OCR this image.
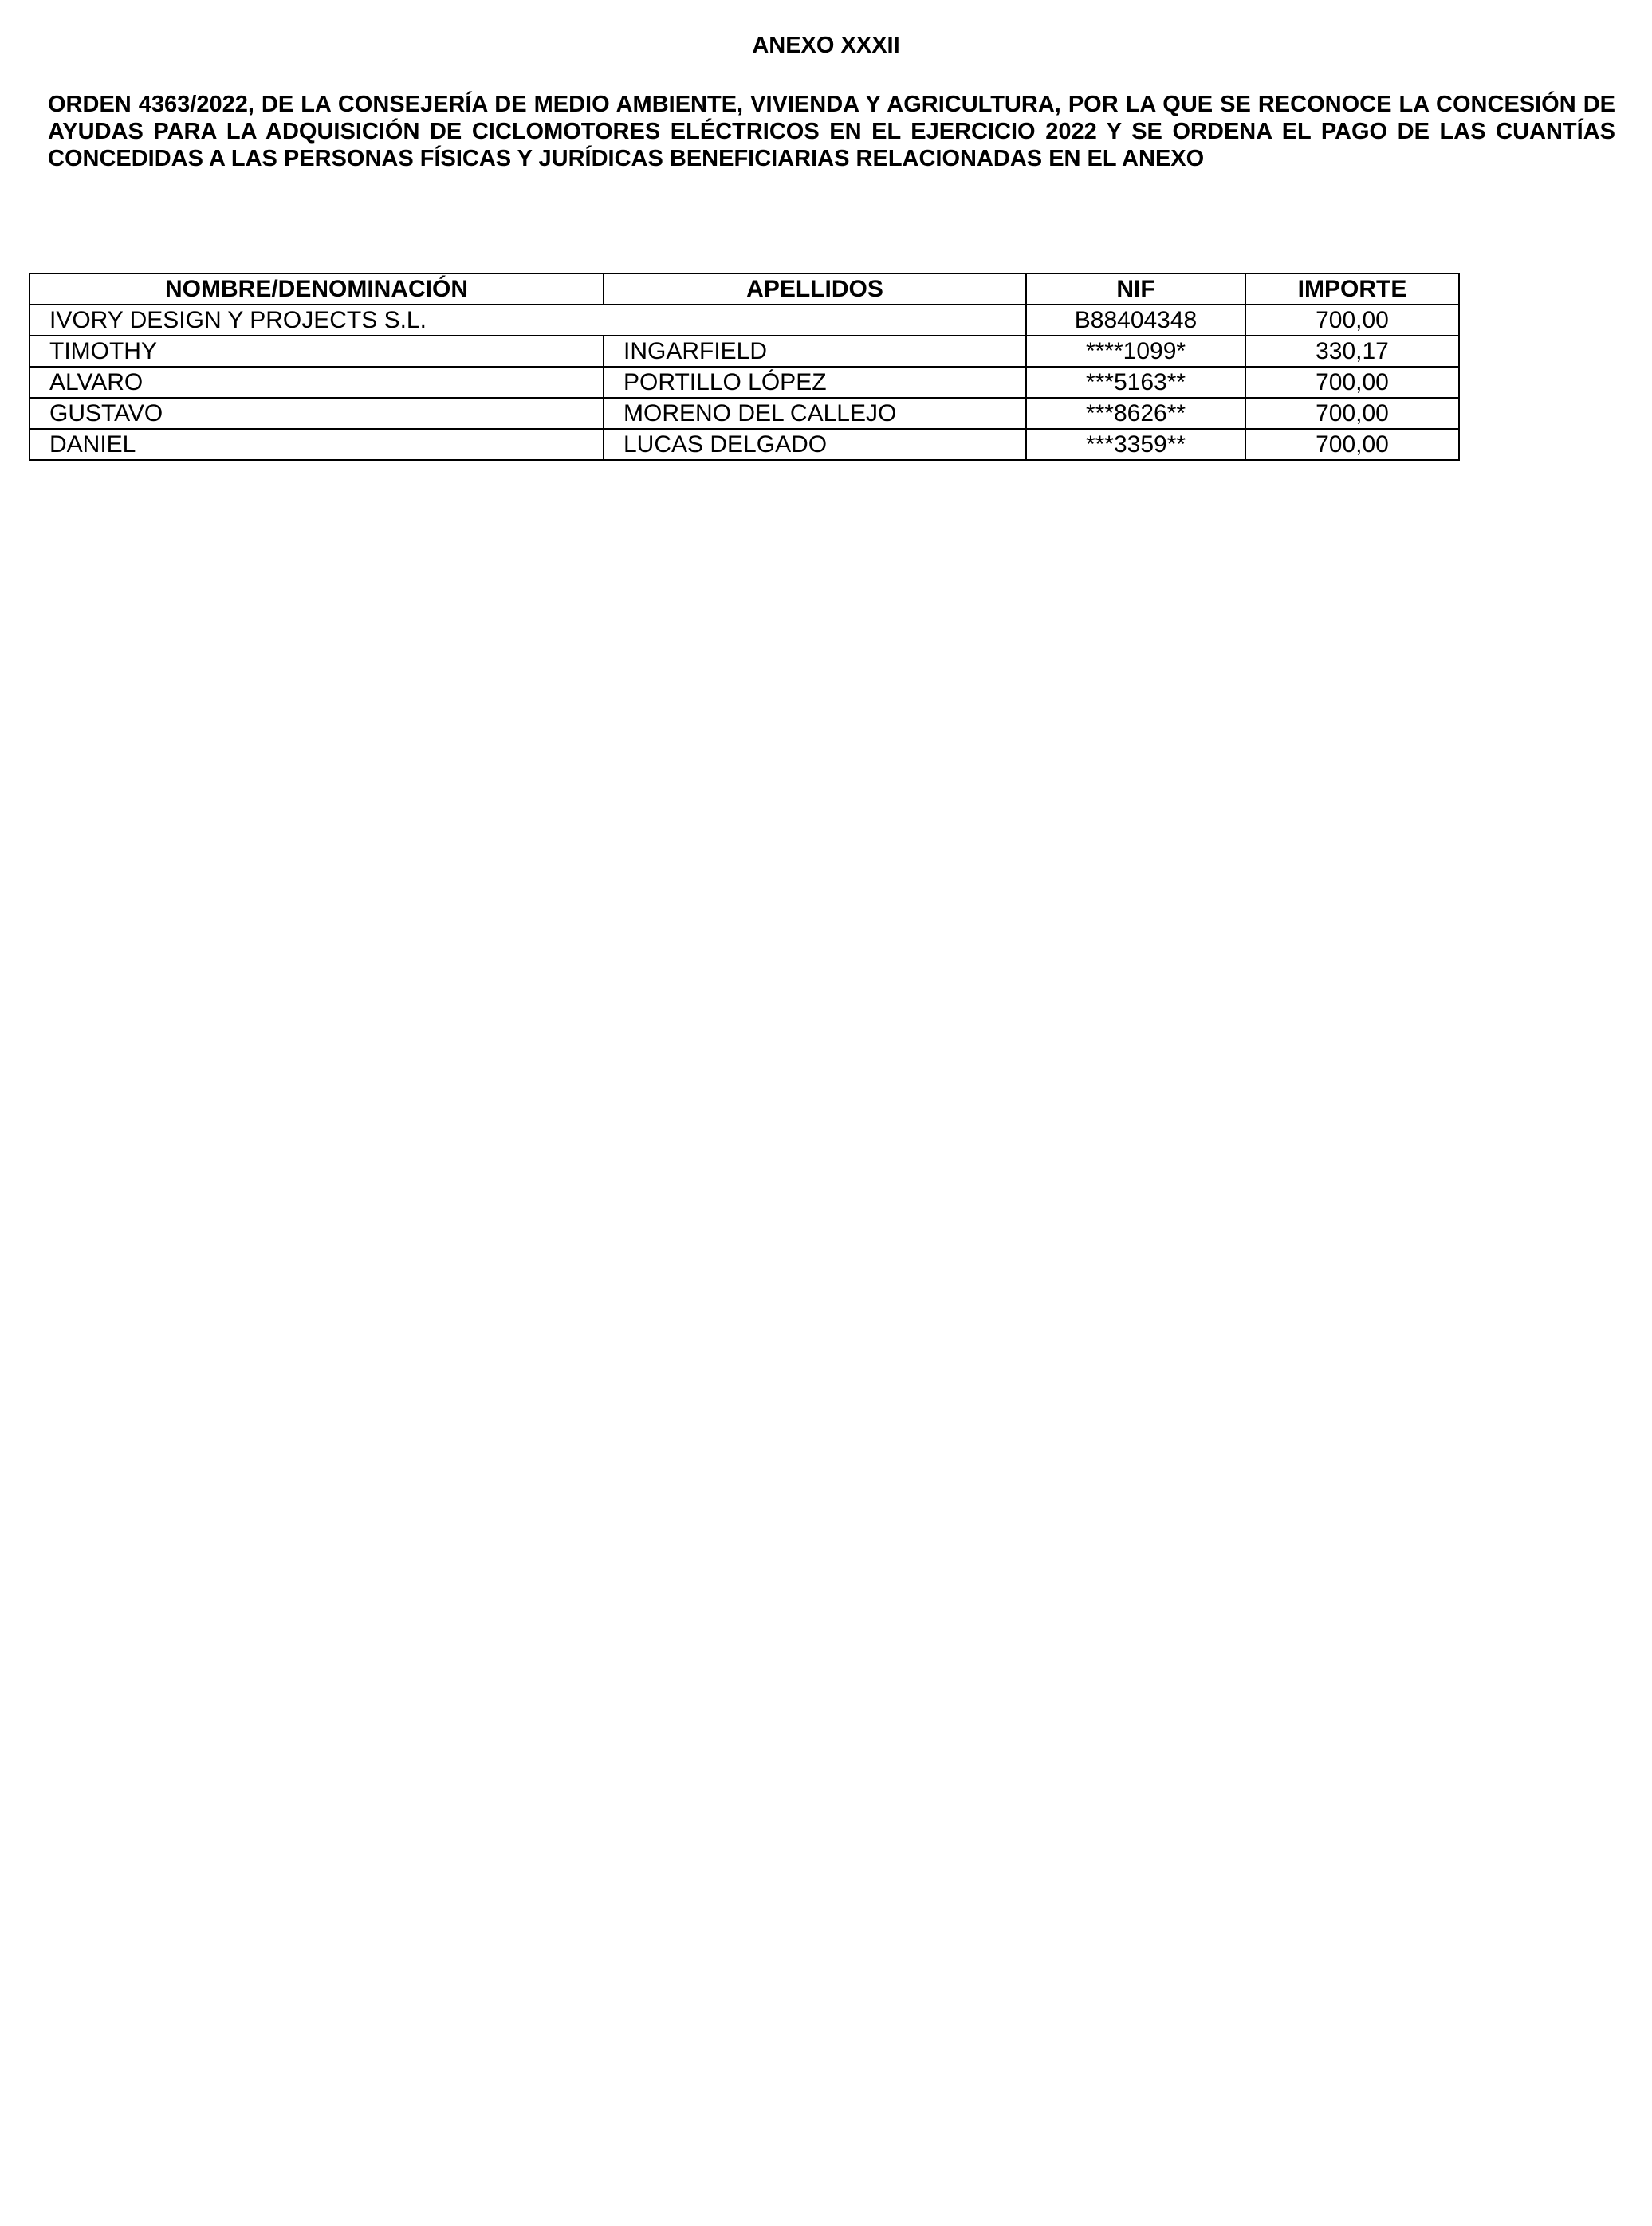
ANEXO XXXII

ORDEN 4363/2022, DE LA CONSEJERÍA DE MEDIO AMBIENTE, VIVIENDA Y AGRICULTURA, POR LA QUE SE RECONOCE LA CONCESIÓN DE AYUDAS PARA LA ADQUISICIÓN DE CICLOMOTORES ELÉCTRICOS EN EL EJERCICIO 2022 Y SE ORDENA EL PAGO DE LAS CUANTÍAS CONCEDIDAS A LAS PERSONAS FÍSICAS Y JURÍDICAS BENEFICIARIAS RELACIONADAS EN EL ANEXO

NOMBRE/DENOMINACIÓN	APELLIDOS	NIF	IMPORTE
IVORY DESIGN Y PROJECTS S.L.		B88404348	700,00
TIMOTHY	INGARFIELD	****1099*	330,17
ALVARO	PORTILLO LÓPEZ	***5163**	700,00
GUSTAVO	MORENO DEL CALLEJO	***8626**	700,00
DANIEL	LUCAS DELGADO	***3359**	700,00
